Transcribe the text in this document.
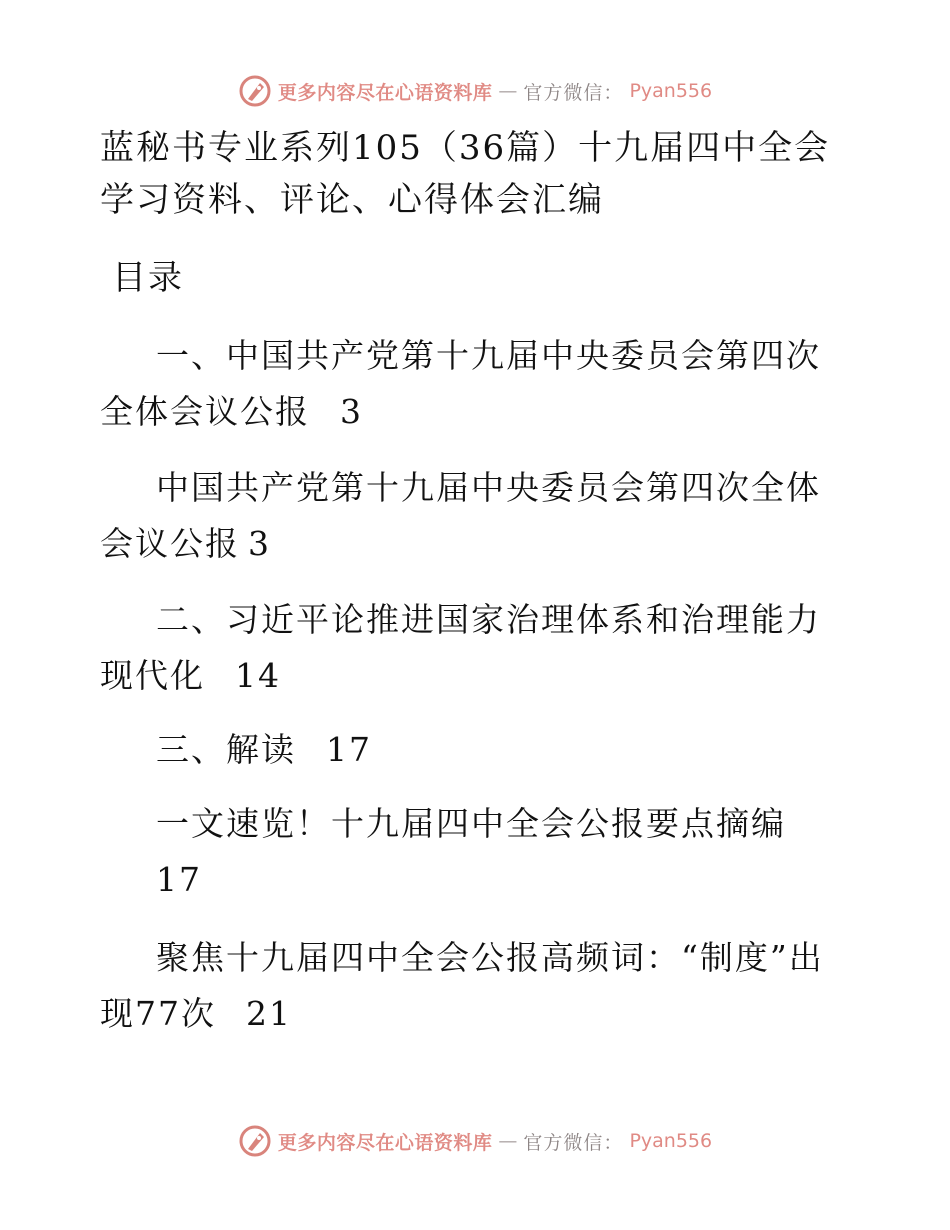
更多内容尽在心语资料库 — 官方微信： Pyan556
蓝秘书专业系列105（36篇）十九届四中全会学习资料、评论、心得体会汇编
目录
一、中国共产党第十九届中央委员会第四次全体会议公报 3
中国共产党第十九届中央委员会第四次全体会议公报 3
二、习近平论推进国家治理体系和治理能力现代化 14
三、解读 17
一文速览！十九届四中全会公报要点摘编
17
聚焦十九届四中全会公报高频词：“制度”出现77次 21
更多内容尽在心语资料库 — 官方微信： Pyan556
